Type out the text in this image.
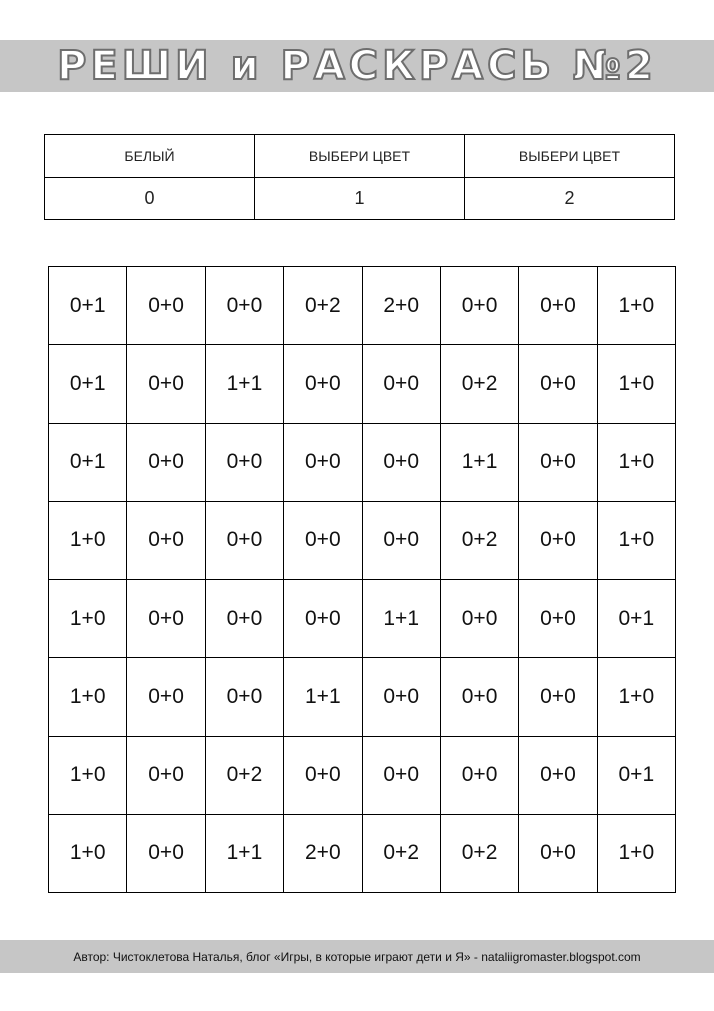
РЕШИ и РАСКРАСЬ №2
БЕЛЫЙ	ВЫБЕРИ ЦВЕТ	ВЫБЕРИ ЦВЕТ
0	1	2
0+1	0+0	0+0	0+2	2+0	0+0	0+0	1+0
0+1	0+0	1+1	0+0	0+0	0+2	0+0	1+0
0+1	0+0	0+0	0+0	0+0	1+1	0+0	1+0
1+0	0+0	0+0	0+0	0+0	0+2	0+0	1+0
1+0	0+0	0+0	0+0	1+1	0+0	0+0	0+1
1+0	0+0	0+0	1+1	0+0	0+0	0+0	1+0
1+0	0+0	0+2	0+0	0+0	0+0	0+0	0+1
1+0	0+0	1+1	2+0	0+2	0+2	0+0	1+0
Автор: Чистоклетова Наталья, блог «Игры, в которые играют дети и Я» - nataliigromaster.blogspot.com
